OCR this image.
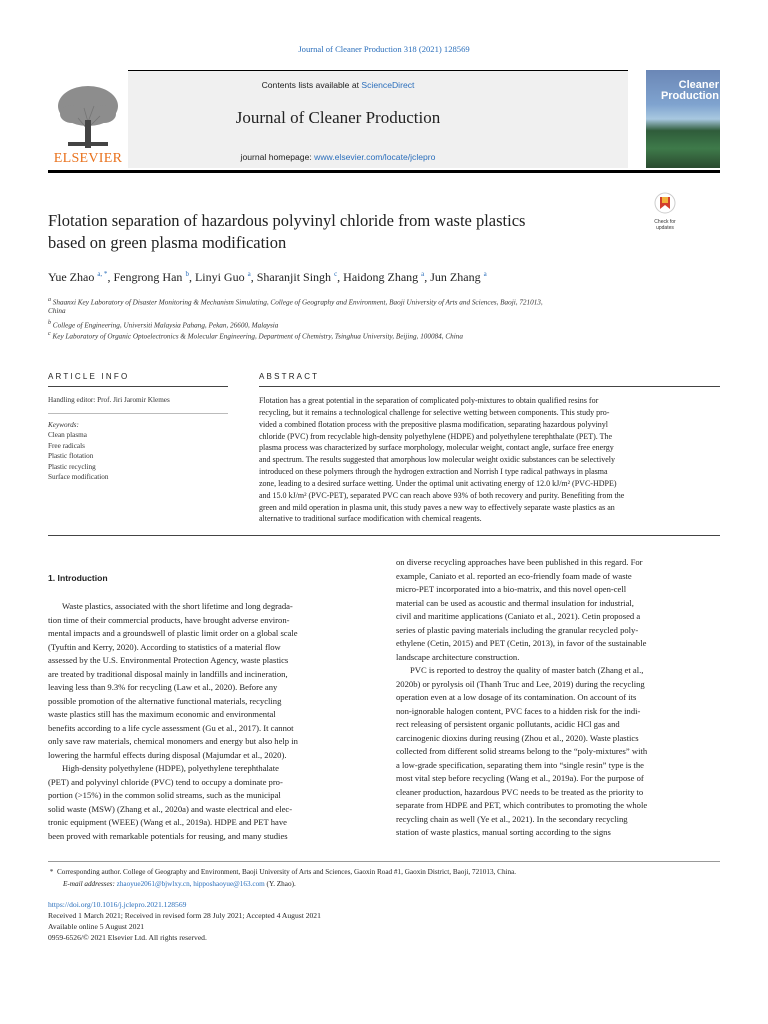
Journal of Cleaner Production 318 (2021) 128569
Contents lists available at ScienceDirect
Journal of Cleaner Production
journal homepage: www.elsevier.com/locate/jclepro
ELSEVIER
Cleaner Production
Flotation separation of hazardous polyvinyl chloride from waste plastics
based on green plasma modification
Check for updates
Yue Zhao $^{a, *}$, Fengrong Han $^b$, Linyi Guo $^a$, Sharanjit Singh $^c$, Haidong Zhang $^a$, Jun Zhang $^a$
$^a$ Shaanxi Key Laboratory of Disaster Monitoring & Mechanism Simulating, College of Geography and Environment, Baoji University of Arts and Sciences, Baoji, 721013,
China
$^b$ College of Engineering, Universiti Malaysia Pahang, Pekan, 26600, Malaysia
$^c$ Key Laboratory of Organic Optoelectronics & Molecular Engineering, Department of Chemistry, Tsinghua University, Beijing, 100084, China
ARTICLE INFO	ABSTRACT
Handling editor: Prof. Jiri Jaromir Klemes
Keywords:
Clean plasma
Free radicals
Plastic flotation
Plastic recycling
Surface modification
Flotation has a great potential in the separation of complicated poly-mixtures to obtain qualified resins for
recycling, but it remains a technological challenge for selective wetting between components. This study pro-
vided a combined flotation process with the prepositive plasma modification, separating hazardous polyvinyl
chloride (PVC) from recyclable high-density polyethylene (HDPE) and polyethylene terephthalate (PET). The
plasma process was characterized by surface morphology, molecular weight, contact angle, surface free energy
and spectrum. The results suggested that amorphous low molecular weight oxidic substances can be selectively
introduced on these polymers through the hydrogen extraction and Norrish I type radical pathways in plasma
zone, leading to a desired surface wetting. Under the optimal unit activating energy of 12.0 kJ/m² (PVC-HDPE)
and 15.0 kJ/m² (PVC-PET), separated PVC can reach above 93% of both recovery and purity. Benefiting from the
green and mild operation in plasma unit, this study paves a new way to effectively separate waste plastics as an
alternative to traditional surface modification with chemical reagents.
1. Introduction
Waste plastics, associated with the short lifetime and long degrada-
tion time of their commercial products, have brought adverse environ-
mental impacts and a groundswell of plastic limit order on a global scale
(Tyuftin and Kerry, 2020). According to statistics of a material flow
assessed by the U.S. Environmental Protection Agency, waste plastics
are treated by traditional disposal mainly in landfills and incineration,
leaving less than 9.3% for recycling (Law et al., 2020). Before any
possible promotion of the alternative functional materials, recycling
waste plastics still has the maximum economic and environmental
benefits according to a life cycle assessment (Gu et al., 2017). It cannot
only save raw materials, chemical monomers and energy but also help in
lowering the harmful effects during disposal (Majumdar et al., 2020).
High-density polyethylene (HDPE), polyethylene terephthalate
(PET) and polyvinyl chloride (PVC) tend to occupy a dominate pro-
portion (>15%) in the common solid streams, such as the municipal
solid waste (MSW) (Zhang et al., 2020a) and waste electrical and elec-
tronic equipment (WEEE) (Wang et al., 2019a). HDPE and PET have
been proved with remarkable potentials for reusing, and many studies
on diverse recycling approaches have been published in this regard. For
example, Caniato et al. reported an eco-friendly foam made of waste
micro-PET incorporated into a bio-matrix, and this novel open-cell
material can be used as acoustic and thermal insulation for industrial,
civil and maritime applications (Caniato et al., 2021). Cetin proposed a
series of plastic paving materials including the granular recycled poly-
ethylene (Cetin, 2015) and PET (Cetin, 2013), in favor of the sustainable
landscape architecture construction.
PVC is reported to destroy the quality of master batch (Zhang et al.,
2020b) or pyrolysis oil (Thanh Truc and Lee, 2019) during the recycling
operation even at a low dosage of its contamination. On account of its
non-ignorable halogen content, PVC faces to a hidden risk for the indi-
rect releasing of persistent organic pollutants, acidic HCl gas and
carcinogenic dioxins during reusing (Zhou et al., 2020). Waste plastics
collected from different solid streams belong to the “poly-mixtures” with
a low-grade specification, separating them into “single resin” type is the
most vital step before recycling (Wang et al., 2019a). For the purpose of
cleaner production, hazardous PVC needs to be treated as the priority to
separate from HDPE and PET, which contributes to promoting the whole
recycling chain as well (Ye et al., 2021). In the secondary recycling
station of waste plastics, manual sorting according to the signs
*  Corresponding author. College of Geography and Environment, Baoji University of Arts and Sciences, Gaoxin Road #1, Gaoxin District, Baoji, 721013, China.
E-mail addresses: zhaoyue2061@bjwlxy.cn, hipposhaoyue@163.com (Y. Zhao).
https://doi.org/10.1016/j.jclepro.2021.128569
Received 1 March 2021; Received in revised form 28 July 2021; Accepted 4 August 2021
Available online 5 August 2021
0959-6526/© 2021 Elsevier Ltd. All rights reserved.
